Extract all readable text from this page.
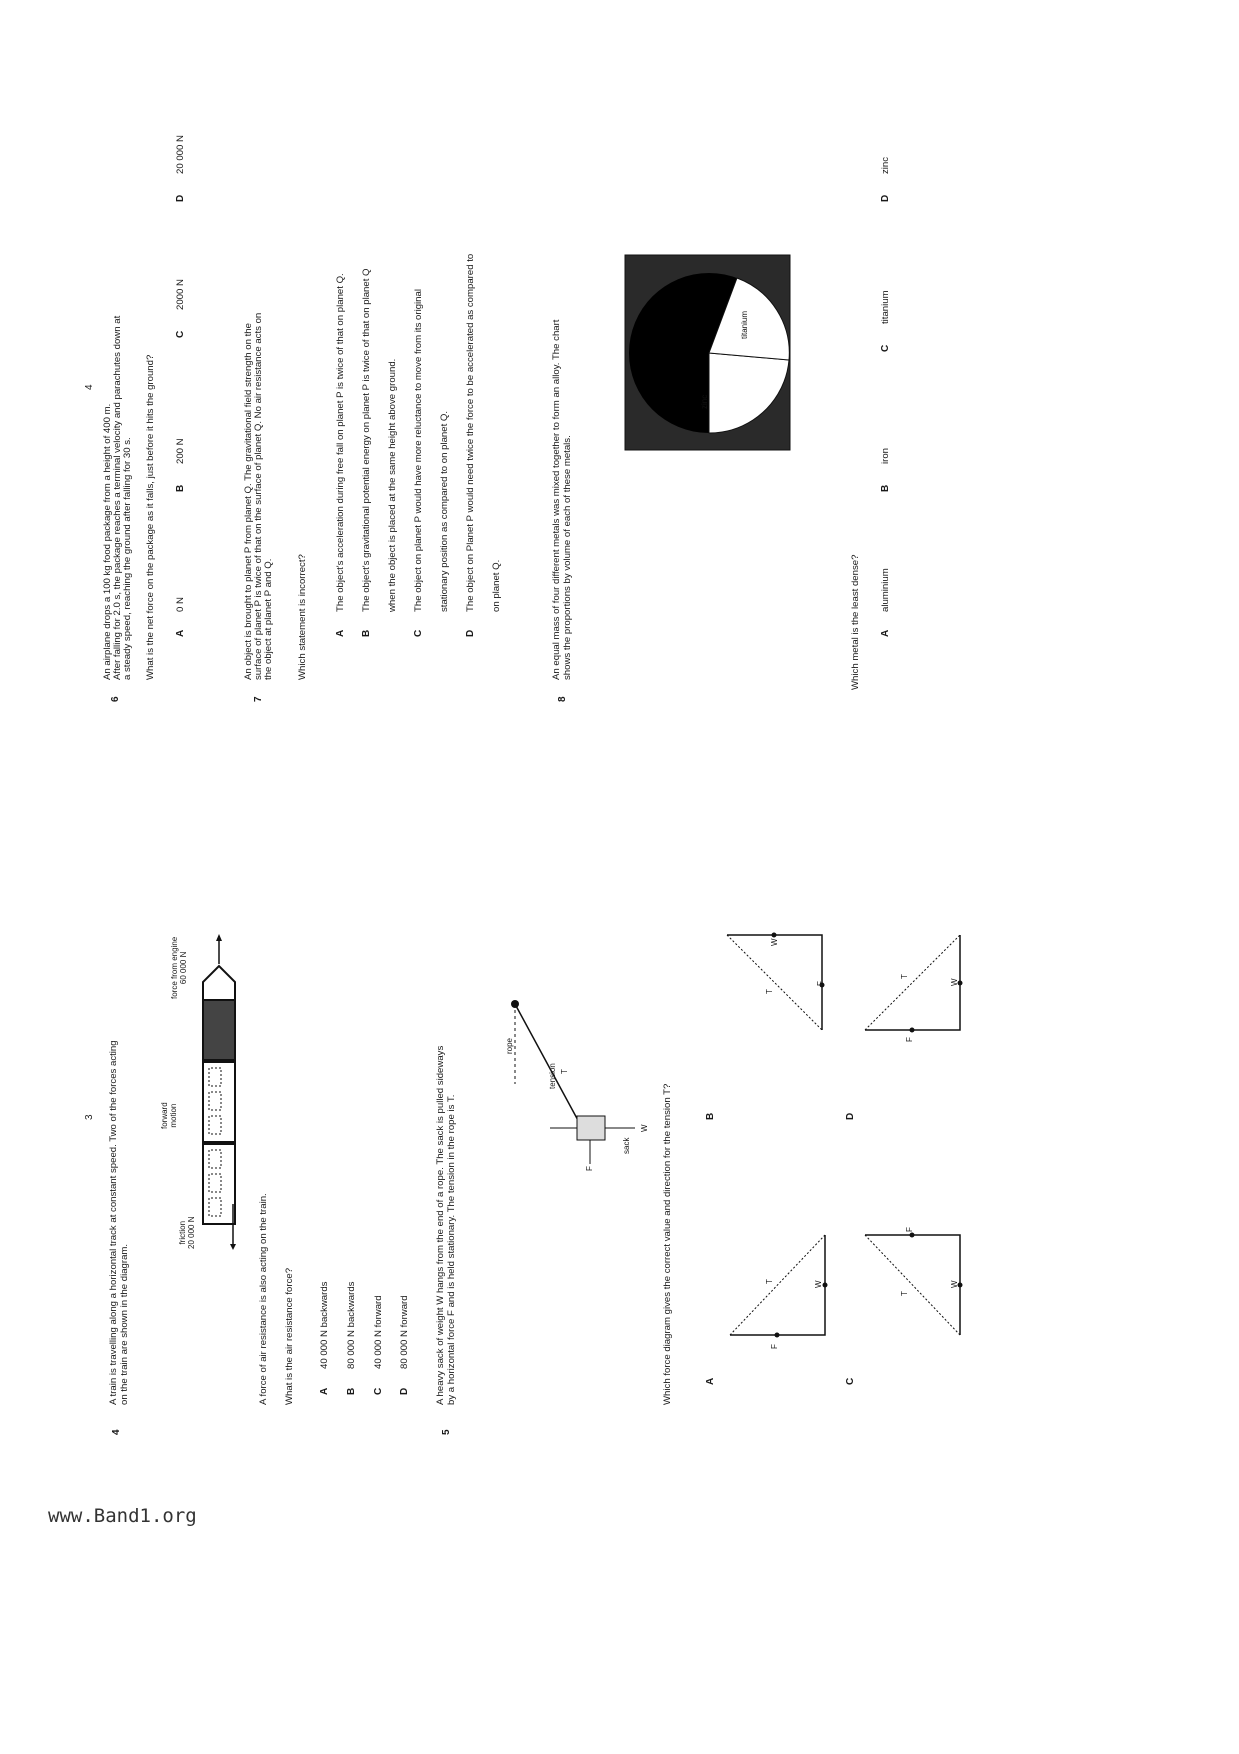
3
4
4
A train is travelling along a horizontal track at constant speed. Two of the forces acting on the train are shown in the diagram.
friction
20 000 N
forward
motion
force from engine
60 000 N
A force of air resistance is also acting on the train. What is the air resistance force? A
40 000 N backwards
B
80 000 N backwards
C
40 000 N forward
D
80 000 N forward
5
A heavy sack of weight W hangs from the end of a rope. The sack is pulled sideways by a horizontal force F and is held stationary. The tension in the rope is T.
rope
tension T
sack
F
W Which force diagram gives the correct value and direction for the tension T?	A
F
W
T
B
W
F
T
C
W
F
T
D
F
W
T
6
An airplane drops a 100 kg food package from a height of 400 m. After falling for 2.0 s, the package reaches a terminal velocity and parachutes down at a steady speed, reaching the ground after falling for 30 s. What is the net force on the package as it falls, just before it hits the ground? A
0 N
B
200 N
C
2000 N
D
20 000 N
7
An object is brought to planet P from planet Q. The gravitational field strength on the surface of planet P is twice of that on the surface of planet Q. No air resistance acts on the object at planet P and Q. Which statement is incorrect?	A
The object's acceleration during free fall on planet P is twice of that on planet Q.
B
The object's gravitational potential energy on planet P is twice of that on planet Q when the object is placed at the same height above ground.
C
The object on planet P would have more reluctance to move from its original stationary position as compared to on planet Q.
D
The object on Planet P would need twice the force to be accelerated as compared to on planet Q.
8
An equal mass of four different metals was mixed together to form an alloy. The chart shows the proportions by volume of each of these metals.
zinc
titanium
Which metal is the least dense? A
aluminium
B
iron
C
titanium
D
zinc
www.Band1.org
